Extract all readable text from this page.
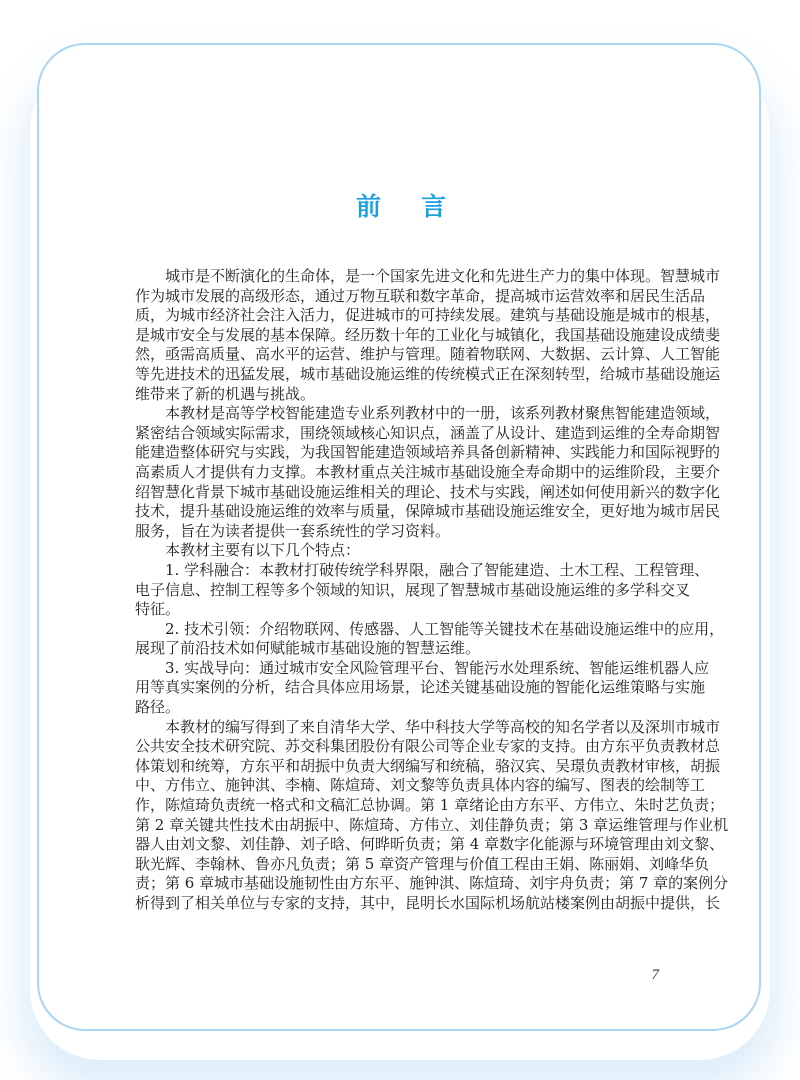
前言
城市是不断演化的生命体，是一个国家先进文化和先进生产力的集中体现。智慧城市
作为城市发展的高级形态，通过万物互联和数字革命，提高城市运营效率和居民生活品
质，为城市经济社会注入活力，促进城市的可持续发展。建筑与基础设施是城市的根基，
是城市安全与发展的基本保障。经历数十年的工业化与城镇化，我国基础设施建设成绩斐
然，亟需高质量、高水平的运营、维护与管理。随着物联网、大数据、云计算、人工智能
等先进技术的迅猛发展，城市基础设施运维的传统模式正在深刻转型，给城市基础设施运
维带来了新的机遇与挑战。
本教材是高等学校智能建造专业系列教材中的一册，该系列教材聚焦智能建造领域，
紧密结合领域实际需求，围绕领域核心知识点，涵盖了从设计、建造到运维的全寿命期智
能建造整体研究与实践，为我国智能建造领域培养具备创新精神、实践能力和国际视野的
高素质人才提供有力支撑。本教材重点关注城市基础设施全寿命期中的运维阶段，主要介
绍智慧化背景下城市基础设施运维相关的理论、技术与实践，阐述如何使用新兴的数字化
技术，提升基础设施运维的效率与质量，保障城市基础设施运维安全，更好地为城市居民
服务，旨在为读者提供一套系统性的学习资料。
本教材主要有以下几个特点：
1. 学科融合：本教材打破传统学科界限，融合了智能建造、土木工程、工程管理、
电子信息、控制工程等多个领域的知识，展现了智慧城市基础设施运维的多学科交叉
特征。
2. 技术引领：介绍物联网、传感器、人工智能等关键技术在基础设施运维中的应用，
展现了前沿技术如何赋能城市基础设施的智慧运维。
3. 实战导向：通过城市安全风险管理平台、智能污水处理系统、智能运维机器人应
用等真实案例的分析，结合具体应用场景，论述关键基础设施的智能化运维策略与实施
路径。
本教材的编写得到了来自清华大学、华中科技大学等高校的知名学者以及深圳市城市
公共安全技术研究院、苏交科集团股份有限公司等企业专家的支持。由方东平负责教材总
体策划和统筹，方东平和胡振中负责大纲编写和统稿，骆汉宾、吴璟负责教材审核，胡振
中、方伟立、施钟淇、李楠、陈煊琦、刘文黎等负责具体内容的编写、图表的绘制等工
作，陈煊琦负责统一格式和文稿汇总协调。第 1 章绪论由方东平、方伟立、朱时艺负责；
第 2 章关键共性技术由胡振中、陈煊琦、方伟立、刘佳静负责；第 3 章运维管理与作业机
器人由刘文黎、刘佳静、刘子晗、何晔昕负责；第 4 章数字化能源与环境管理由刘文黎、
耿光辉、李翰林、鲁亦凡负责；第 5 章资产管理与价值工程由王娟、陈丽娟、刘峰华负
责；第 6 章城市基础设施韧性由方东平、施钟淇、陈煊琦、刘宇舟负责；第 7 章的案例分
析得到了相关单位与专家的支持，其中，昆明长水国际机场航站楼案例由胡振中提供，长
7
